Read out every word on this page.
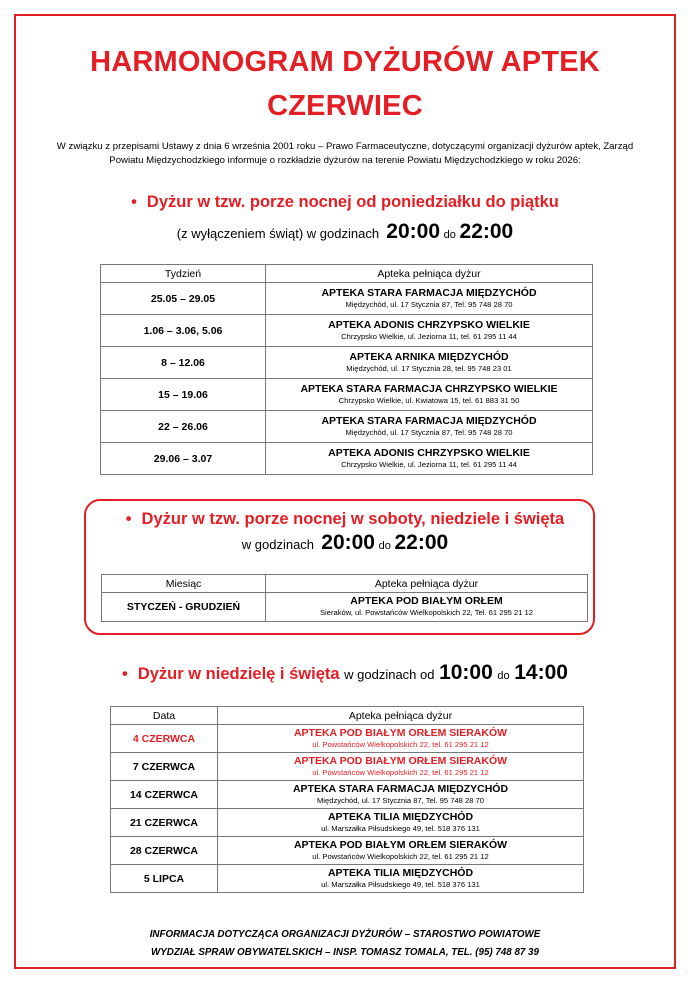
HARMONOGRAM DYŻURÓW APTEK
CZERWIEC
W związku z przepisami Ustawy z dnia 6 września 2001 roku – Prawo Farmaceutyczne, dotyczącymi organizacji dyżurów aptek, Zarząd Powiatu Międzychodzkiego informuje o rozkładzie dyżurów na terenie Powiatu Międzychodzkiego w roku 2026:
• Dyżur w tzw. porze nocnej od poniedziałku do piątku
(z wyłączeniem świąt) w godzinach 20:00 do 22:00
Tydzień	Apteka pełniąca dyżur
25.05 – 29.05	APTEKA STARA FARMACJA MIĘDZYCHÓD
Międzychód, ul. 17 Stycznia 87, Tel. 95 748 28 70

1.06 – 3.06, 5.06	APTEKA ADONIS CHRZYPSKO WIELKIE
Chrzypsko Wielkie, ul. Jeziorna 11, tel. 61 295 11 44

8 – 12.06	APTEKA ARNIKA MIĘDZYCHÓD
Międzychód, ul. 17 Stycznia 28, tel. 95 748 23 01

15 – 19.06	APTEKA STARA FARMACJA CHRZYPSKO WIELKIE
Chrzypsko Wielkie, ul. Kwiatowa 15, tel. 61 883 31 50

22 – 26.06	APTEKA STARA FARMACJA MIĘDZYCHÓD
Międzychód, ul. 17 Stycznia 87, Tel. 95 748 28 70

29.06 – 3.07	APTEKA ADONIS CHRZYPSKO WIELKIE
Chrzypsko Wielkie, ul. Jeziorna 11, tel. 61 295 11 44
• Dyżur w tzw. porze nocnej w soboty, niedziele i święta
w godzinach 20:00 do 22:00
Miesiąc	Apteka pełniąca dyżur
STYCZEŃ - GRUDZIEŃ	APTEKA POD BIAŁYM ORŁEM
Sieraków, ul. Powstańców Wielkopolskich 22, Tel. 61 295 21 12
• Dyżur w niedzielę i święta w godzinach od 10:00 do 14:00
Data	Apteka pełniąca dyżur
4 CZERWCA	APTEKA POD BIAŁYM ORŁEM SIERAKÓW
ul. Powstańców Wielkopolskich 22, tel. 61 295 21 12

7 CZERWCA	APTEKA POD BIAŁYM ORŁEM SIERAKÓW
ul. Powstańców Wielkopolskich 22, tel. 61 295 21 12

14 CZERWCA	APTEKA STARA FARMACJA MIĘDZYCHÓD
Międzychód, ul. 17 Stycznia 87, Tel. 95 748 28 70

21 CZERWCA	APTEKA TILIA MIĘDZYCHÓD
ul. Marszałka Piłsudskiego 49, tel. 518 376 131

28 CZERWCA	APTEKA POD BIAŁYM ORŁEM SIERAKÓW
ul. Powstańców Wielkopolskich 22, tel. 61 295 21 12

5 LIPCA	APTEKA TILIA MIĘDZYCHÓD
ul. Marszałka Piłsudskiego 49, tel. 518 376 131
INFORMACJA DOTYCZĄCA ORGANIZACJI DYŻURÓW – STAROSTWO POWIATOWE
WYDZIAŁ SPRAW OBYWATELSKICH – INSP. TOMASZ TOMALA, TEL. (95) 748 87 39
